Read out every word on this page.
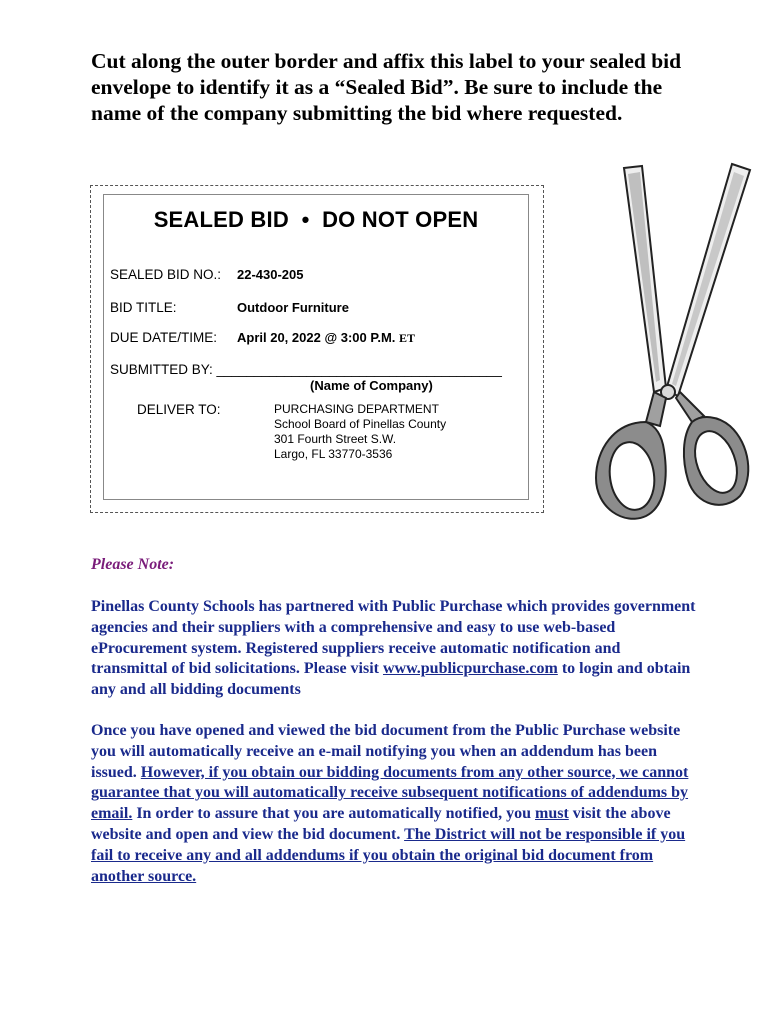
Cut along the outer border and affix this label to your sealed bid envelope to identify it as a “Sealed Bid”. Be sure to include the name of the company submitting the bid where requested.

SEALED BID • DO NOT OPEN
SEALED BID NO.: 22-430-205
BID TITLE:	Outdoor Furniture
DUE DATE/TIME: April 20, 2022 @ 3:00 P.M. ET
SUBMITTED BY: ______________________________________
(Name of Company)
DELIVER TO:	PURCHASING DEPARTMENT
School Board of Pinellas County
301 Fourth Street S.W.
Largo, FL 33770-3536
Please Note:

Pinellas County Schools has partnered with Public Purchase which provides government agencies and their suppliers with a comprehensive and easy to use web-based eProcurement system. Registered suppliers receive automatic notification and transmittal of bid solicitations. Please visit www.publicpurchase.com to login and obtain any and all bidding documents

Once you have opened and viewed the bid document from the Public Purchase website you will automatically receive an e-mail notifying you when an addendum has been issued. However, if you obtain our bidding documents from any other source, we cannot guarantee that you will automatically receive subsequent notifications of addendums by email. In order to assure that you are automatically notified, you must visit the above website and open and view the bid document. The District will not be responsible if you fail to receive any and all addendums if you obtain the original bid document from another source.
